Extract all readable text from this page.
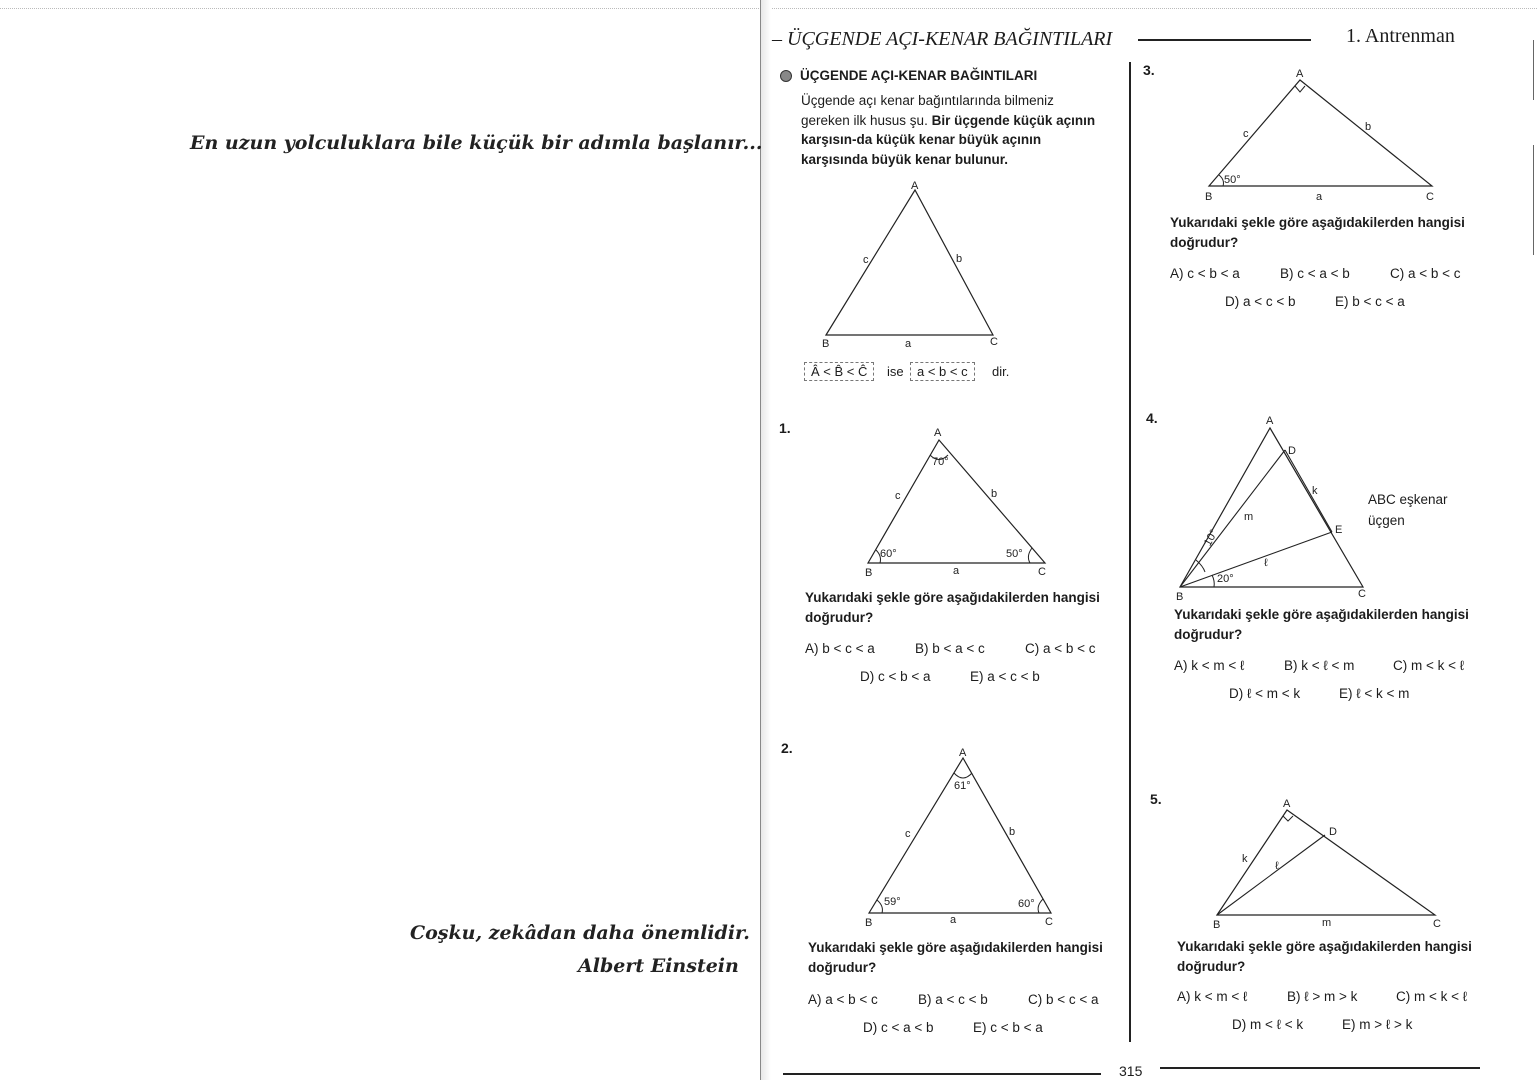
En uzun yolculuklara bile küçük bir adımla başlanır...
Coşku, zekâdan daha önemlidir.
Albert Einstein
– ÜÇGENDE AÇI-KENAR BAĞINTILARI	1. Antrenman
ÜÇGENDE AÇI-KENAR BAĞINTILARI
Üçgende açı kenar bağıntılarında bilmeniz gereken ilk husus şu. Bir üçgende küçük açının karşısın-da küçük kenar büyük açının karşısında büyük kenar bulunur.
A
B	C
a
b
c
Â < B̂ < Ĉ	ise	a < b < c	dir.
1.	A
B	C
70°
60°	50°
a
b
c
Yukarıdaki şekle göre aşağıdakilerden hangisi doğrudur?
A) b < c < a	B) b < a < c	C) a < b < c
D) c < b < a	E) a < c < b
2.	A
B	C
61°
59°	60°
a
b
c
Yukarıdaki şekle göre aşağıdakilerden hangisi doğrudur?
A) a < b < c	B) a < c < b	C) b < c < a
D) c < a < b	E) c < b < a
3.	A
B	C
50°
a
b
c
Yukarıdaki şekle göre aşağıdakilerden hangisi doğrudur?
A) c < b < a	B) c < a < b	C) a < b < c
D) a < c < b	E) b < c < a
4.	A
B	C
D
E
k
m
ℓ
10°
20°
ABC eşkenar üçgen
Yukarıdaki şekle göre aşağıdakilerden hangisi doğrudur?
A) k < m < ℓ	B) k < ℓ < m	C) m < k < ℓ
D) ℓ < m < k	E) ℓ < k < m
5.	A
B	C
D
k
ℓ
m
Yukarıdaki şekle göre aşağıdakilerden hangisi doğrudur?
A) k < m < ℓ	B) ℓ > m > k	C) m < k < ℓ
D) m < ℓ < k	E) m > ℓ > k
315
